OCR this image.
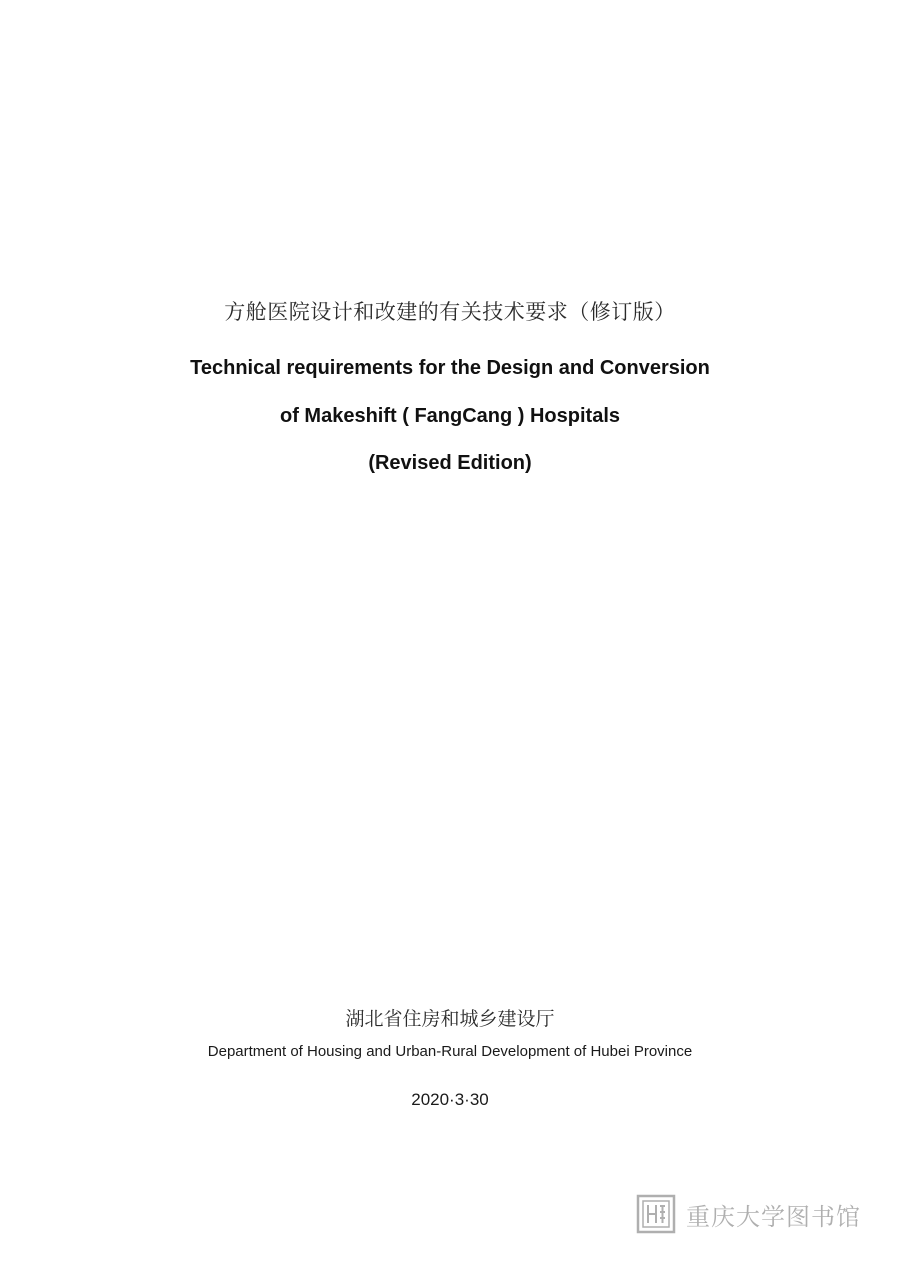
方舱医院设计和改建的有关技术要求（修订版）
Technical requirements for the Design and Conversion
of Makeshift ( FangCang ) Hospitals
(Revised Edition)
湖北省住房和城乡建设厅
Department of Housing and Urban-Rural Development of Hubei Province
2020·3·30
重庆大学图书馆
